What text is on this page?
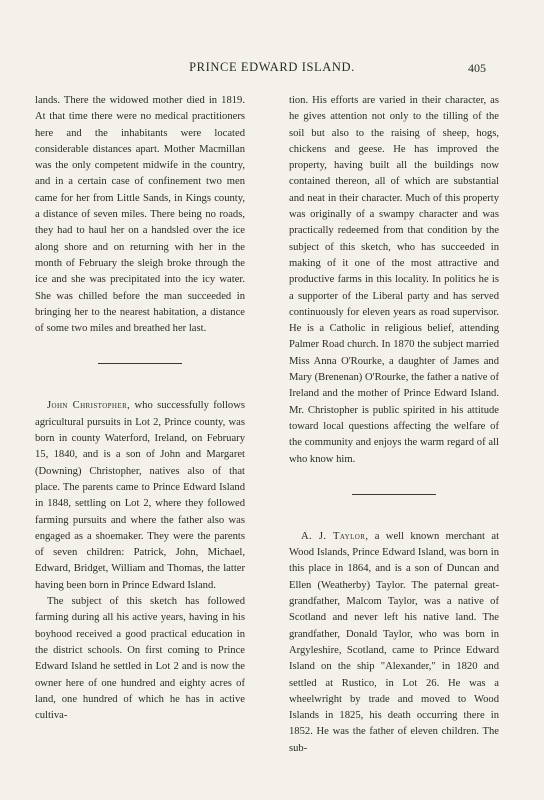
PRINCE EDWARD ISLAND.	405

lands. There the widowed mother died in 1819. At that time there were no medical practitioners here and the inhabitants were located considerable distances apart. Mother Macmillan was the only competent midwife in the country, and in a certain case of confinement two men came for her from Little Sands, in Kings county, a distance of seven miles. There being no roads, they had to haul her on a handsled over the ice along shore and on returning with her in the month of February the sleigh broke through the ice and she was precipitated into the icy water. She was chilled before the man succeeded in bringing her to the nearest habitation, a distance of some two miles and breathed her last.

John Christopher, who successfully follows agricultural pursuits in Lot 2, Prince county, was born in county Waterford, Ireland, on February 15, 1840, and is a son of John and Margaret (Downing) Christopher, natives also of that place. The parents came to Prince Edward Island in 1848, settling on Lot 2, where they followed farming pursuits and where the father also was engaged as a shoemaker. They were the parents of seven children: Patrick, John, Michael, Edward, Bridget, William and Thomas, the latter having been born in Prince Edward Island.

The subject of this sketch has followed farming during all his active years, having in his boyhood received a good practical education in the district schools. On first coming to Prince Edward Island he settled in Lot 2 and is now the owner here of one hundred and eighty acres of land, one hundred of which he has in active cultiva-

tion. His efforts are varied in their character, as he gives attention not only to the tilling of the soil but also to the raising of sheep, hogs, chickens and geese. He has improved the property, having built all the buildings now contained thereon, all of which are substantial and neat in their character. Much of this property was originally of a swampy character and was practically redeemed from that condition by the subject of this sketch, who has succeeded in making of it one of the most attractive and productive farms in this locality. In politics he is a supporter of the Liberal party and has served continuously for eleven years as road supervisor. He is a Catholic in religious belief, attending Palmer Road church. In 1870 the subject married Miss Anna O'Rourke, a daughter of James and Mary (Brenenan) O'Rourke, the father a native of Ireland and the mother of Prince Edward Island. Mr. Christopher is public spirited in his attitude toward local questions affecting the welfare of the community and enjoys the warm regard of all who know him.

A. J. Taylor, a well known merchant at Wood Islands, Prince Edward Island, was born in this place in 1864, and is a son of Duncan and Ellen (Weatherby) Taylor. The paternal great-grandfather, Malcom Taylor, was a native of Scotland and never left his native land. The grandfather, Donald Taylor, who was born in Argyleshire, Scotland, came to Prince Edward Island on the ship "Alexander," in 1820 and settled at Rustico, in Lot 26. He was a wheelwright by trade and moved to Wood Islands in 1825, his death occurring there in 1852. He was the father of eleven children. The sub-
